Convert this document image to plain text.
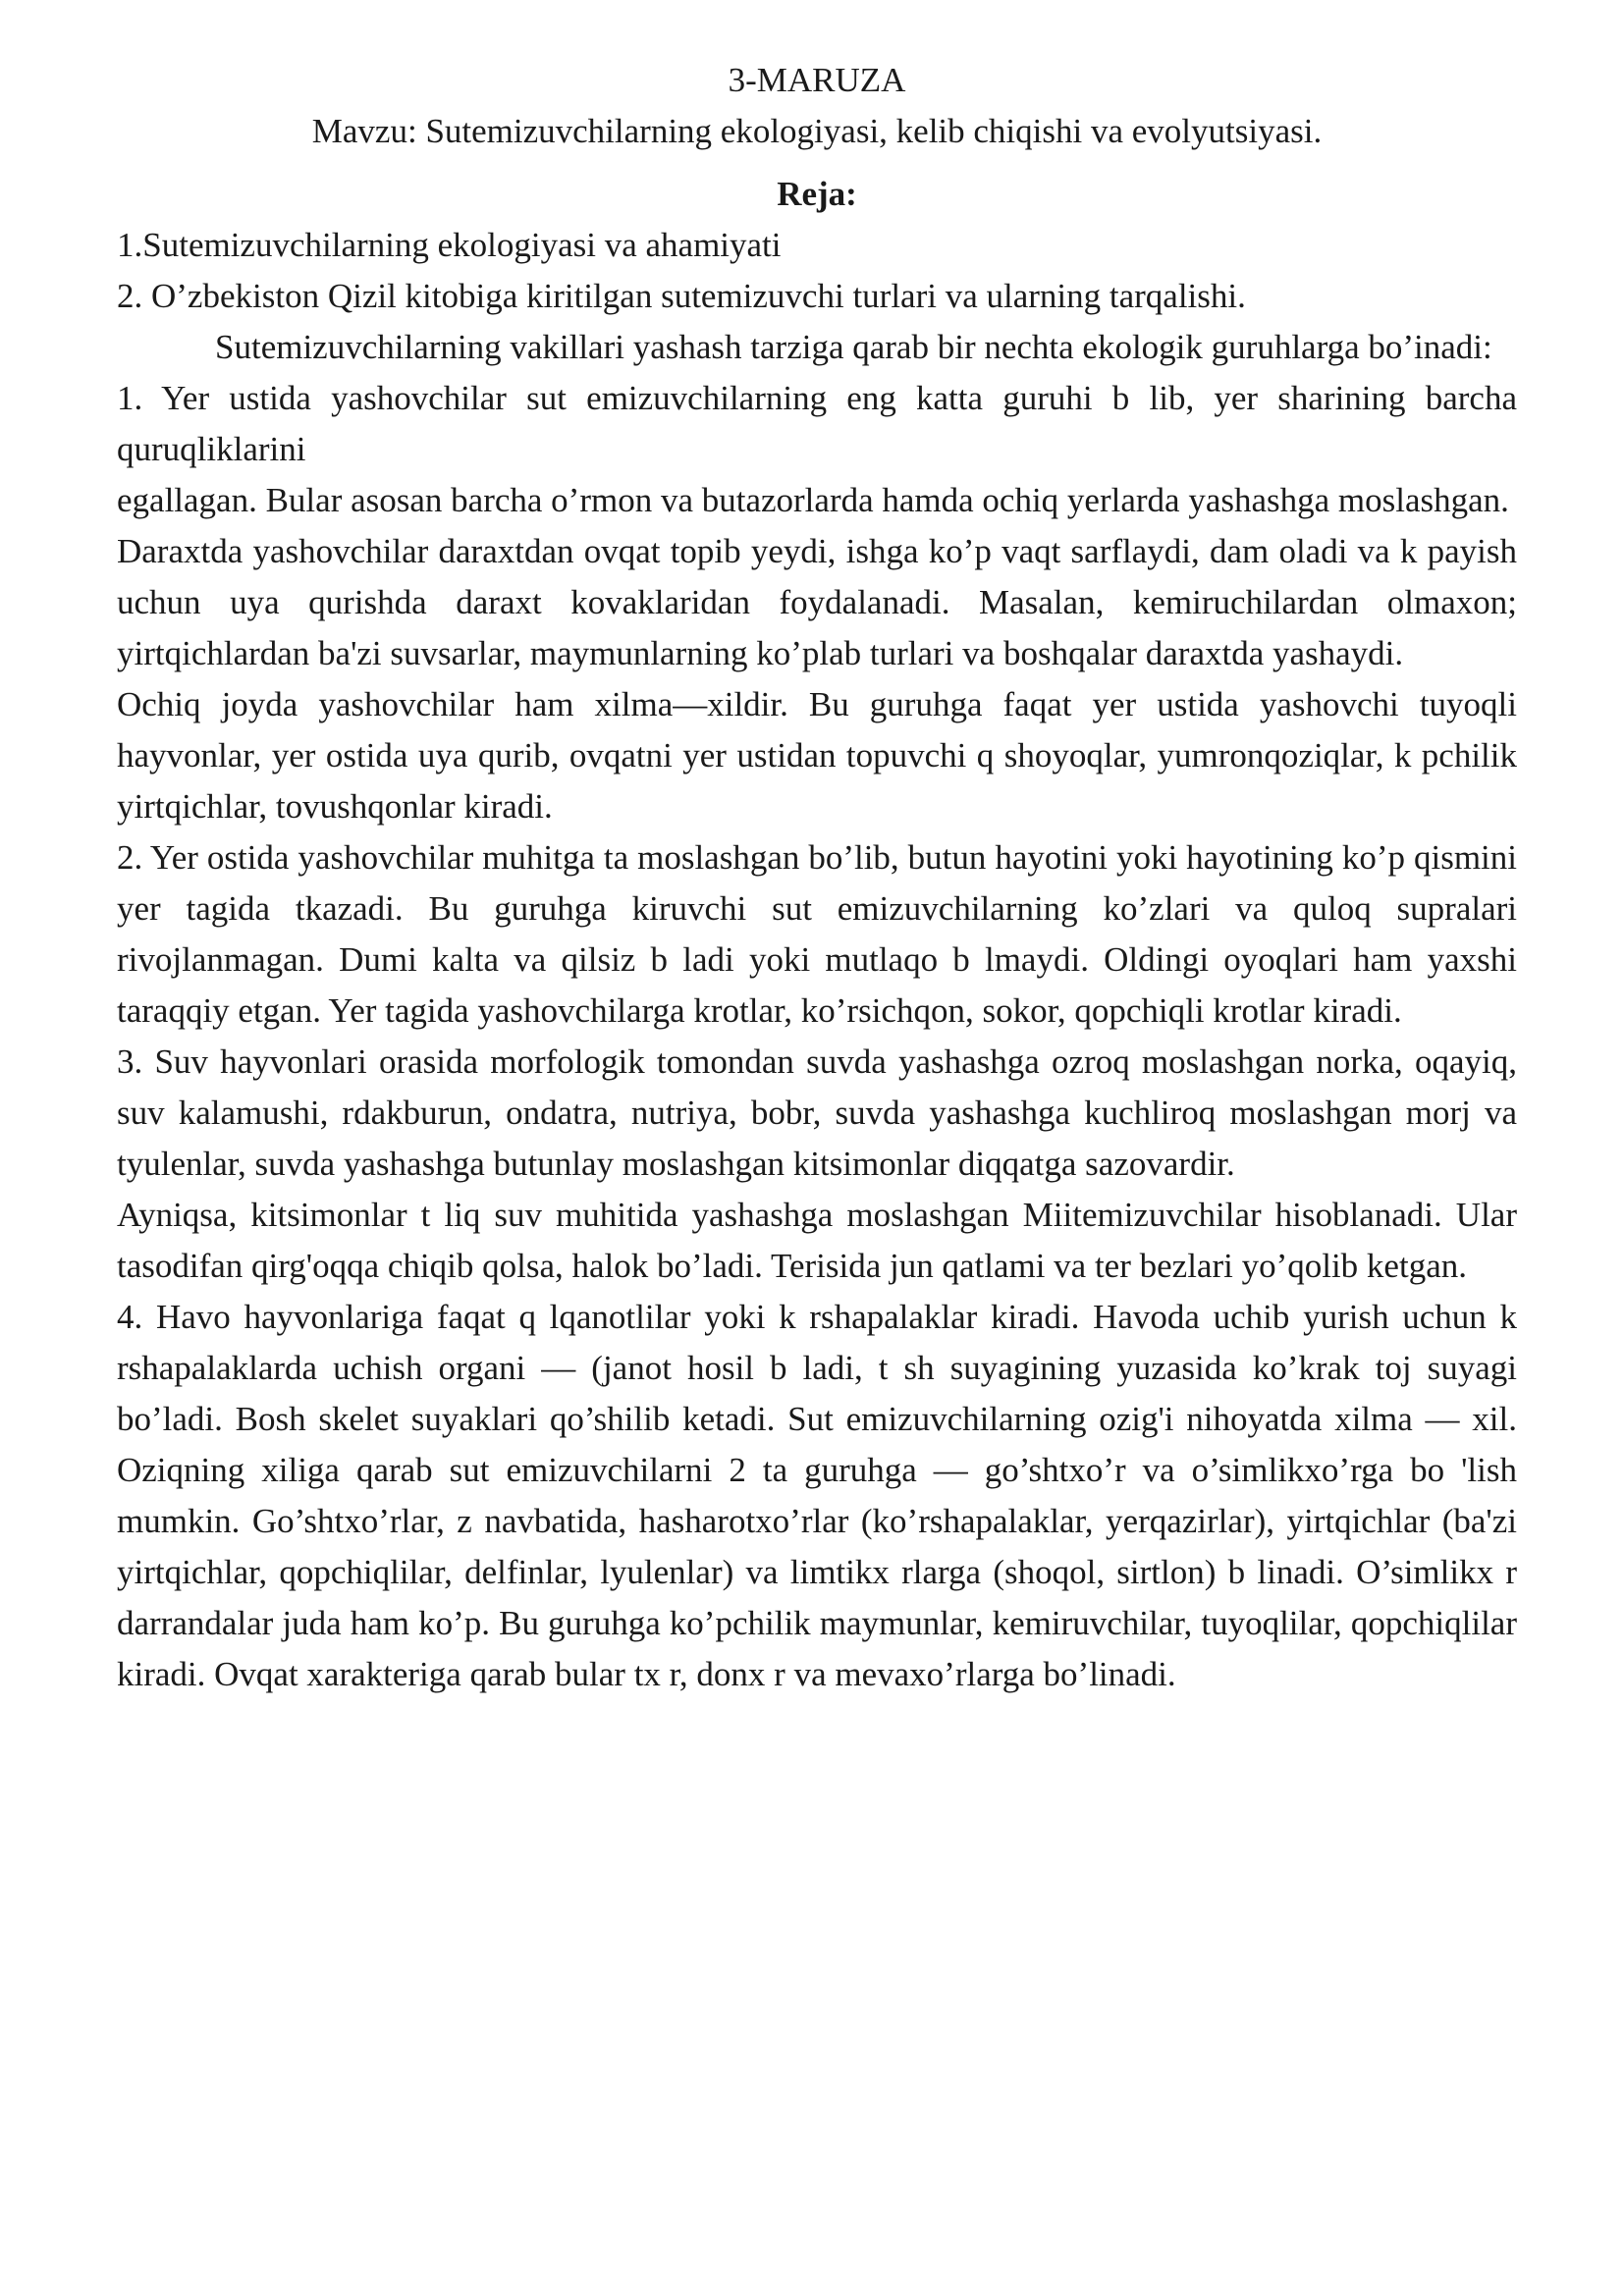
3-MARUZA
Mavzu: Sutemizuvchilarning ekologiyasi, kelib chiqishi va evolyutsiyasi.
Reja:

1.Sutemizuvchilarning ekologiyasi va ahamiyati

2. O’zbekiston Qizil kitobiga kiritilgan sutemizuvchi turlari va ularning tarqalishi.

Sutemizuvchilarning vakillari yashash tarziga qarab bir nechta ekologik guruhlarga bo’inadi:

1. Yer ustida yashovchilar sut emizuvchilarning eng katta guruhi b lib, yer sharining barcha quruqliklarini

egallagan. Bular asosan barcha o’rmon va butazorlarda hamda ochiq yerlarda yashashga moslashgan.

Daraxtda yashovchilar daraxtdan ovqat topib yeydi, ishga ko’p vaqt sarflaydi, dam oladi va k payish uchun uya qurishda daraxt kovaklaridan foydalanadi. Masalan, kemiruchilardan olmaxon; yirtqichlardan ba'zi suvsarlar, maymunlarning ko’plab turlari va boshqalar daraxtda yashaydi.

Ochiq joyda yashovchilar ham xilma—xildir. Bu guruhga faqat yer ustida yashovchi tuyoqli hayvonlar, yer ostida uya qurib, ovqatni yer ustidan topuvchi q shoyoqlar, yumronqoziqlar, k pchilik yirtqichlar, tovushqonlar kiradi.

2. Yer ostida yashovchilar muhitga ta moslashgan bo’lib, butun hayotini yoki hayotining ko’p qismini yer tagida tkazadi. Bu guruhga kiruvchi sut emizuvchilarning ko’zlari va quloq supralari rivojlanmagan. Dumi kalta va qilsiz b ladi yoki mutlaqo b lmaydi. Oldingi oyoqlari ham yaxshi taraqqiy etgan. Yer tagida yashovchilarga krotlar, ko’rsichqon, sokor, qopchiqli krotlar kiradi.

3. Suv hayvonlari orasida morfologik tomondan suvda yashashga ozroq moslashgan norka, oqayiq, suv kalamushi, rdakburun, ondatra, nutriya, bobr, suvda yashashga kuchliroq moslashgan morj va tyulenlar, suvda yashashga butunlay moslashgan kitsimonlar diqqatga sazovardir.

Ayniqsa, kitsimonlar t liq suv muhitida yashashga moslashgan Miitemizuvchilar hisoblanadi. Ular tasodifan qirg'oqqa chiqib qolsa, halok bo’ladi. Terisida jun qatlami va ter bezlari yo’qolib ketgan.

4. Havo hayvonlariga faqat q lqanotlilar yoki k rshapalaklar kiradi. Havoda uchib yurish uchun k rshapalaklarda uchish organi — (janot hosil b ladi, t sh suyagining yuzasida ko’krak toj suyagi bo’ladi. Bosh skelet suyaklari qo’shilib ketadi. Sut emizuvchilarning ozig'i nihoyatda xilma — xil. Oziqning xiliga qarab sut emizuvchilarni 2 ta guruhga — go’shtxo’r va o’simlikxo’rga bo 'lish mumkin. Go’shtxo’rlar, z navbatida, hasharotxo’rlar (ko’rshapalaklar, yerqazirlar), yirtqichlar (ba'zi yirtqichlar, qopchiqlilar, delfinlar, lyulenlar) va limtikx rlarga (shoqol, sirtlon) b linadi. O’simlikx r darrandalar juda ham ko’p. Bu guruhga ko’pchilik maymunlar, kemiruvchilar, tuyoqlilar, qopchiqlilar kiradi. Ovqat xarakteriga qarab bular tx r, donx r va mevaxo’rlarga bo’linadi.
